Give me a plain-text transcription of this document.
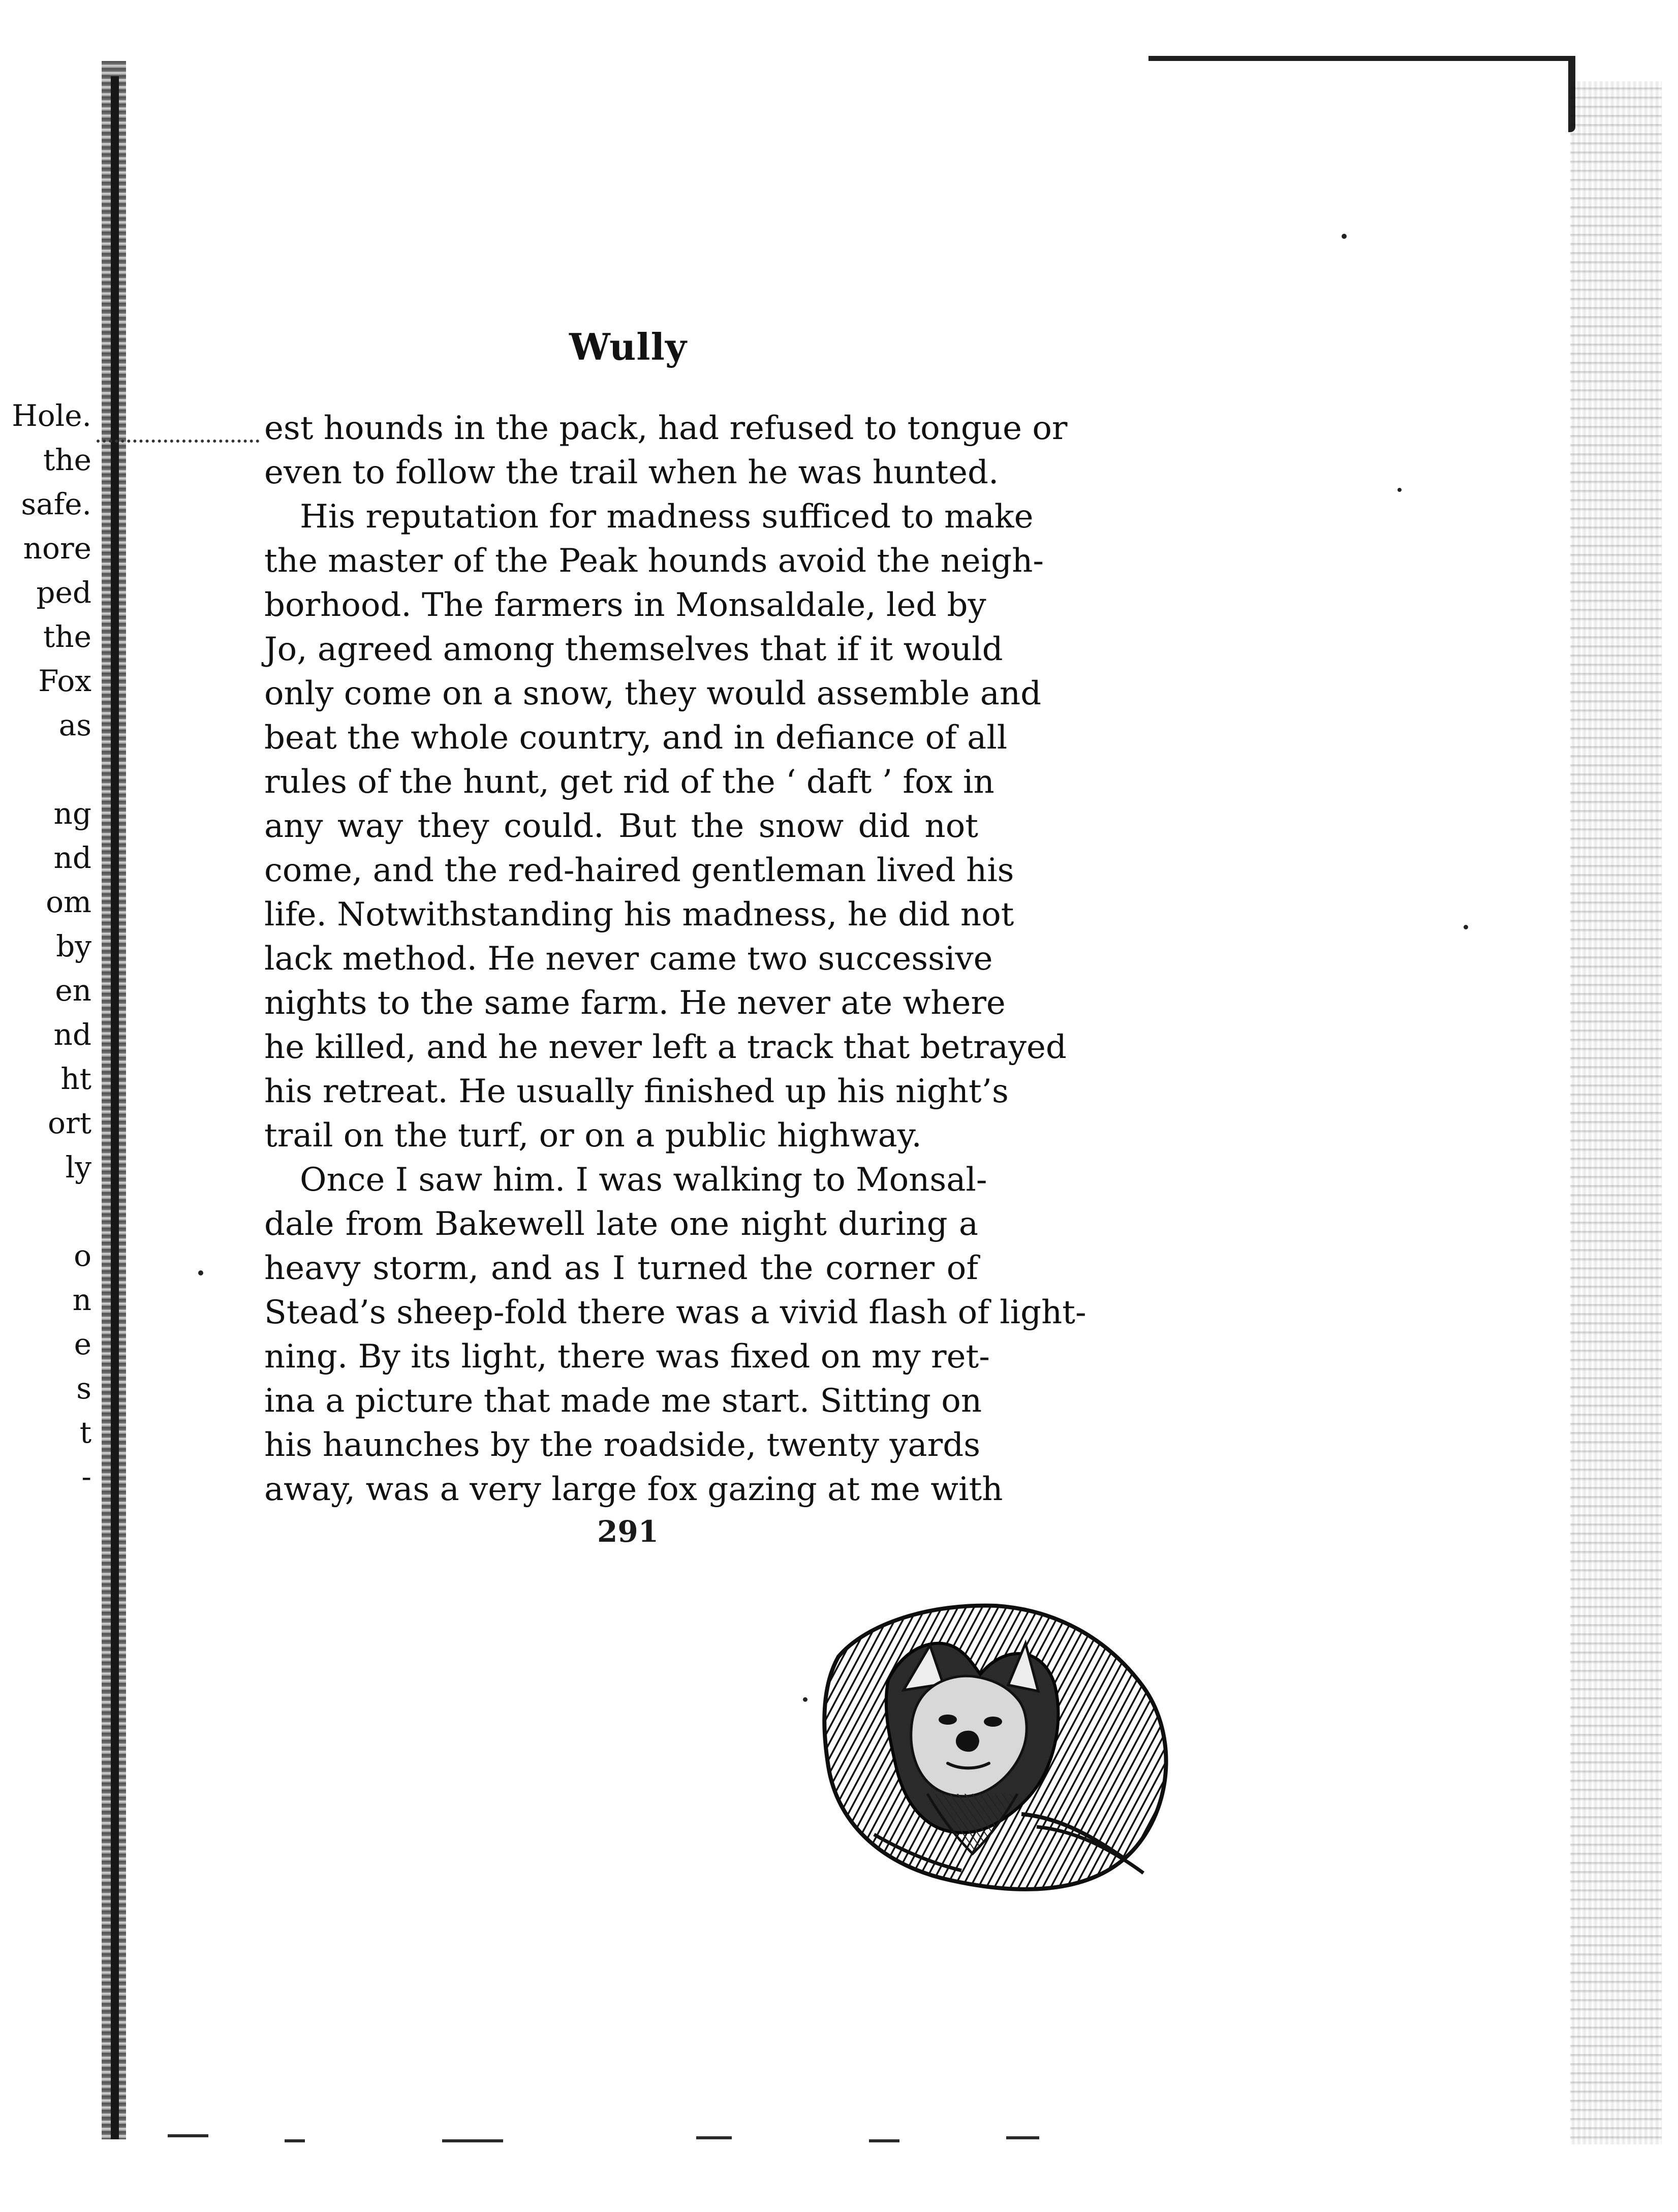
Hole.
the
safe.
nore
ped
the
Fox
as
ng
nd
om
by
en
nd
ht
ort
ly
o
n
e
s
t
-
Wully
est hounds in the pack, had refused to tongue or
even to follow the trail when he was hunted.
His reputation for madness sufficed to make
the master of the Peak hounds avoid the neigh-
borhood. The farmers in Monsaldale, led by
Jo, agreed among themselves that if it would
only come on a snow, they would assemble and
beat the whole country, and in defiance of all
rules of the hunt, get rid of the ‘ daft ’ fox in
any way they could. But the snow did not
come, and the red-haired gentleman lived his
life. Notwithstanding his madness, he did not
lack method. He never came two successive
nights to the same farm. He never ate where
he killed, and he never left a track that betrayed
his retreat. He usually finished up his night’s
trail on the turf, or on a public highway.
Once I saw him. I was walking to Monsal-
dale from Bakewell late one night during a
heavy storm, and as I turned the corner of
Stead’s sheep-fold there was a vivid flash of light-
ning. By its light, there was fixed on my ret-
ina a picture that made me start. Sitting on
his haunches by the roadside, twenty yards
away, was a very large fox gazing at me with
291
